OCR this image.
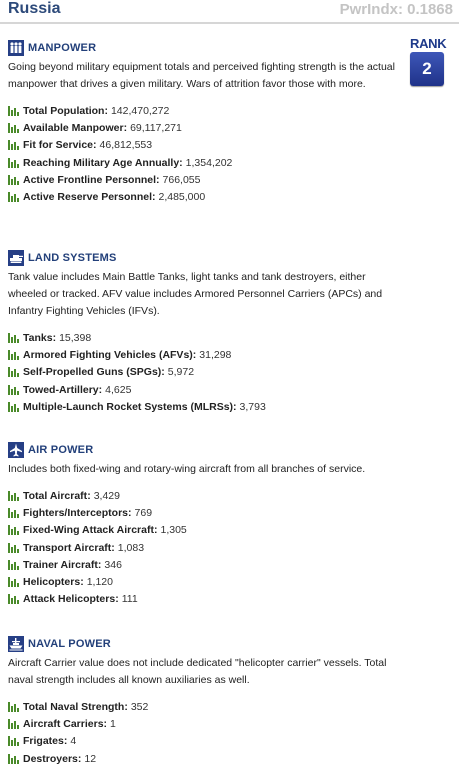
Russia	PwrIndx: 0.1868
RANK
2
MANPOWER
Going beyond military equipment totals and perceived fighting strength is the actual manpower that drives a given military. Wars of attrition favor those with more.
Total Population : 142,470,272
Available Manpower : 69,117,271
Fit for Service : 46,812,553
Reaching Military Age Annually : 1,354,202
Active Frontline Personnel : 766,055
Active Reserve Personnel : 2,485,000
LAND SYSTEMS
Tank value includes Main Battle Tanks, light tanks and tank destroyers, either wheeled or tracked. AFV value includes Armored Personnel Carriers (APCs) and Infantry Fighting Vehicles (IFVs).
Tanks : 15,398
Armored Fighting Vehicles (AFVs) : 31,298
Self-Propelled Guns (SPGs) : 5,972
Towed-Artillery : 4,625
Multiple-Launch Rocket Systems (MLRSs) : 3,793
AIR POWER
Includes both fixed-wing and rotary-wing aircraft from all branches of service.
Total Aircraft : 3,429
Fighters/Interceptors : 769
Fixed-Wing Attack Aircraft : 1,305
Transport Aircraft : 1,083
Trainer Aircraft : 346
Helicopters : 1,120
Attack Helicopters : 111
NAVAL POWER
Aircraft Carrier value does not include dedicated "helicopter carrier" vessels. Total naval strength includes all known auxiliaries as well.
Total Naval Strength : 352
Aircraft Carriers : 1
Frigates : 4
Destroyers : 12
